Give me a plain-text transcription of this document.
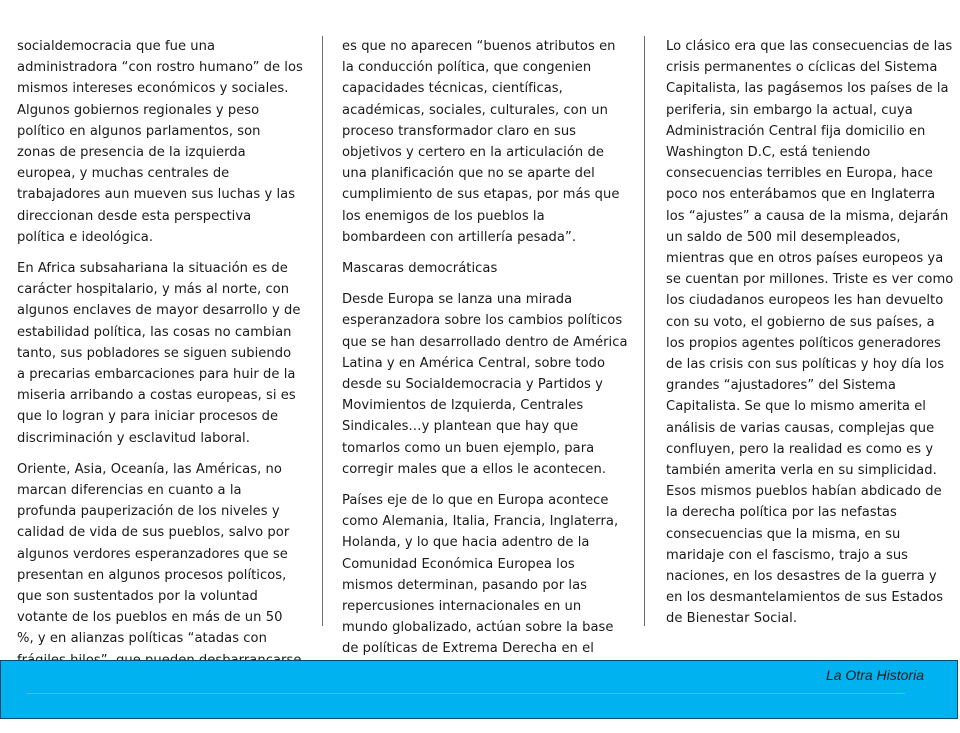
socialdemocracia que fue una administradora “con rostro humano” de los mismos intereses económicos y sociales. Algunos gobiernos regionales y peso político en algunos parlamentos, son zonas de presencia de la izquierda europea, y muchas centrales de trabajadores aun mueven sus luchas y las direccionan desde esta perspectiva política e ideológica.

En Africa subsahariana la situación es de carácter hospitalario, y más al norte, con algunos enclaves de mayor desarrollo y de estabilidad política, las cosas no cambian tanto, sus pobladores se siguen subiendo a precarias embarcaciones para huir de la miseria arribando a costas europeas, si es que lo logran y para iniciar procesos de discriminación y esclavitud laboral.

Oriente, Asia, Oceanía, las Américas, no marcan diferencias en cuanto a la profunda pauperización de los niveles y calidad de vida de sus pueblos, salvo por algunos verdores esperanzadores que se presentan en algunos procesos políticos, que son sustentados por la voluntad votante de los pueblos en más de un 50 %, y en alianzas políticas “atadas con

es que no aparecen “buenos atributos en la conducción política, que congenien capacidades técnicas, científicas, académicas, sociales, culturales, con un proceso transformador claro en sus objetivos y certero en la articulación de una planificación que no se aparte del cumplimiento de sus etapas, por más que los enemigos de los pueblos la bombardeen con artillería pesada”.

Mascaras democráticas

Desde Europa se lanza una mirada esperanzadora sobre los cambios políticos que se han desarrollado dentro de América Latina y en América Central, sobre todo desde su Socialdemocracia y Partidos y Movimientos de Izquierda, Centrales Sindicales…y plantean que hay que tomarlos como un buen ejemplo, para corregir males que a ellos le acontecen.

Países eje de lo que en Europa acontece como Alemania, Italia, Francia, Inglaterra, Holanda, y lo que hacia adentro de la Comunidad Económica Europea los mismos determinan, pasando por las repercusiones internacionales en un mundo globalizado, actúan sobre la base de políticas de Extrema Derecha en el

Lo clásico era que las consecuencias de las crisis permanentes o cíclicas del Sistema Capitalista, las pagásemos los países de la periferia, sin embargo la actual, cuya Administración Central fija domicilio en Washington D.C, está teniendo consecuencias terribles en Europa, hace poco nos enterábamos que en Inglaterra los “ajustes” a causa de la misma, dejarán un saldo de 500 mil desempleados, mientras que en otros países europeos ya se cuentan por millones. Triste es ver como los ciudadanos europeos les han devuelto con su voto, el gobierno de sus países, a los propios agentes políticos generadores de las crisis con sus políticas y hoy día los grandes “ajustadores” del Sistema Capitalista. Se que lo mismo amerita el análisis de varias causas, complejas que confluyen, pero la realidad es como es y también amerita verla en su simplicidad. Esos mismos pueblos habían abdicado de la derecha política por las nefastas consecuencias que la misma, en su maridaje con el fascismo, trajo a sus naciones, en los desastres de la guerra y en los desmantelamientos de sus Estados de Bienestar Social.

La Otra Historia
